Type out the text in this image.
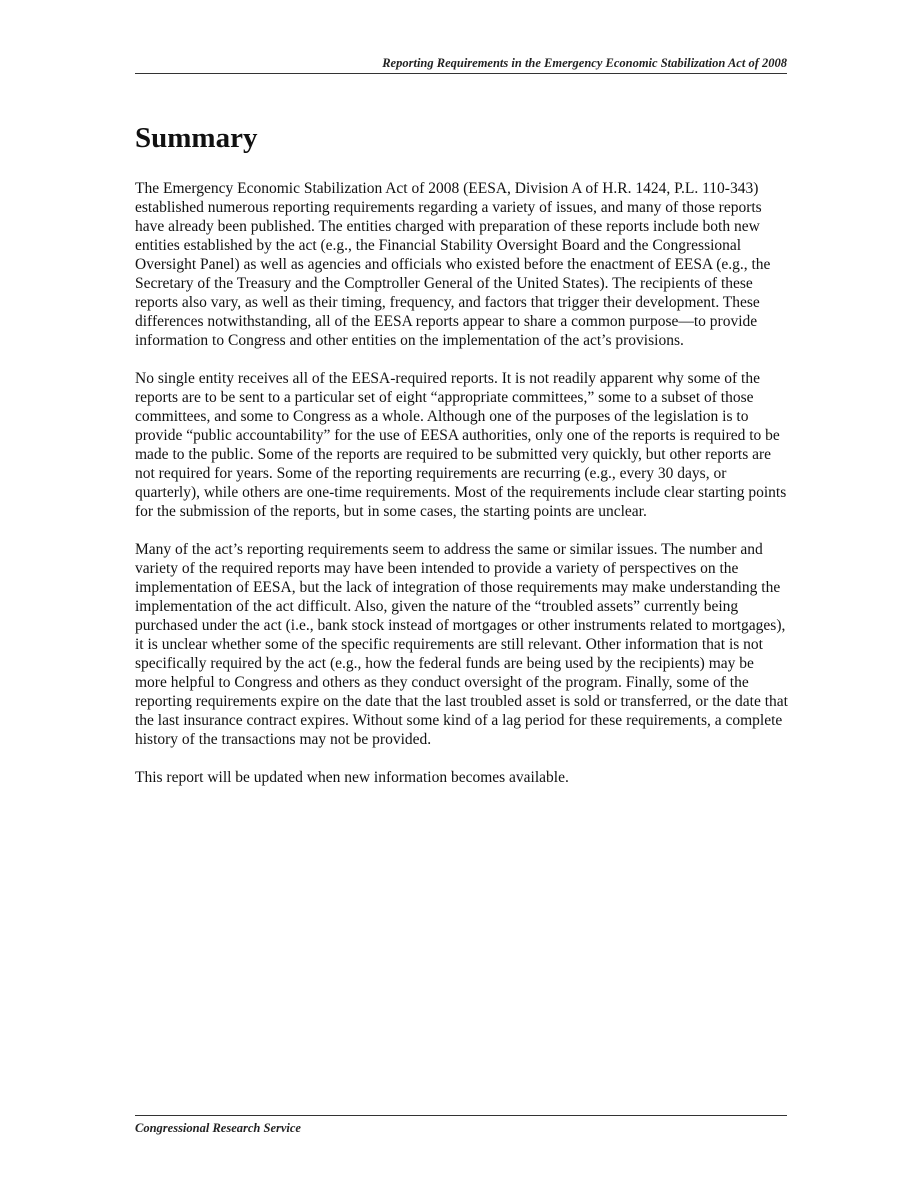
Reporting Requirements in the Emergency Economic Stabilization Act of 2008
Summary

The Emergency Economic Stabilization Act of 2008 (EESA, Division A of H.R. 1424, P.L. 110-343) established numerous reporting requirements regarding a variety of issues, and many of those reports have already been published. The entities charged with preparation of these reports include both new entities established by the act (e.g., the Financial Stability Oversight Board and the Congressional Oversight Panel) as well as agencies and officials who existed before the enactment of EESA (e.g., the Secretary of the Treasury and the Comptroller General of the United States). The recipients of these reports also vary, as well as their timing, frequency, and factors that trigger their development. These differences notwithstanding, all of the EESA reports appear to share a common purpose—to provide information to Congress and other entities on the implementation of the act’s provisions.

No single entity receives all of the EESA-required reports. It is not readily apparent why some of the reports are to be sent to a particular set of eight “appropriate committees,” some to a subset of those committees, and some to Congress as a whole. Although one of the purposes of the legislation is to provide “public accountability” for the use of EESA authorities, only one of the reports is required to be made to the public. Some of the reports are required to be submitted very quickly, but other reports are not required for years. Some of the reporting requirements are recurring (e.g., every 30 days, or quarterly), while others are one-time requirements. Most of the requirements include clear starting points for the submission of the reports, but in some cases, the starting points are unclear.

Many of the act’s reporting requirements seem to address the same or similar issues. The number and variety of the required reports may have been intended to provide a variety of perspectives on the implementation of EESA, but the lack of integration of those requirements may make understanding the implementation of the act difficult. Also, given the nature of the “troubled assets” currently being purchased under the act (i.e., bank stock instead of mortgages or other instruments related to mortgages), it is unclear whether some of the specific requirements are still relevant. Other information that is not specifically required by the act (e.g., how the federal funds are being used by the recipients) may be more helpful to Congress and others as they conduct oversight of the program. Finally, some of the reporting requirements expire on the date that the last troubled asset is sold or transferred, or the date that the last insurance contract expires. Without some kind of a lag period for these requirements, a complete history of the transactions may not be provided.

This report will be updated when new information becomes available.

Congressional Research Service
